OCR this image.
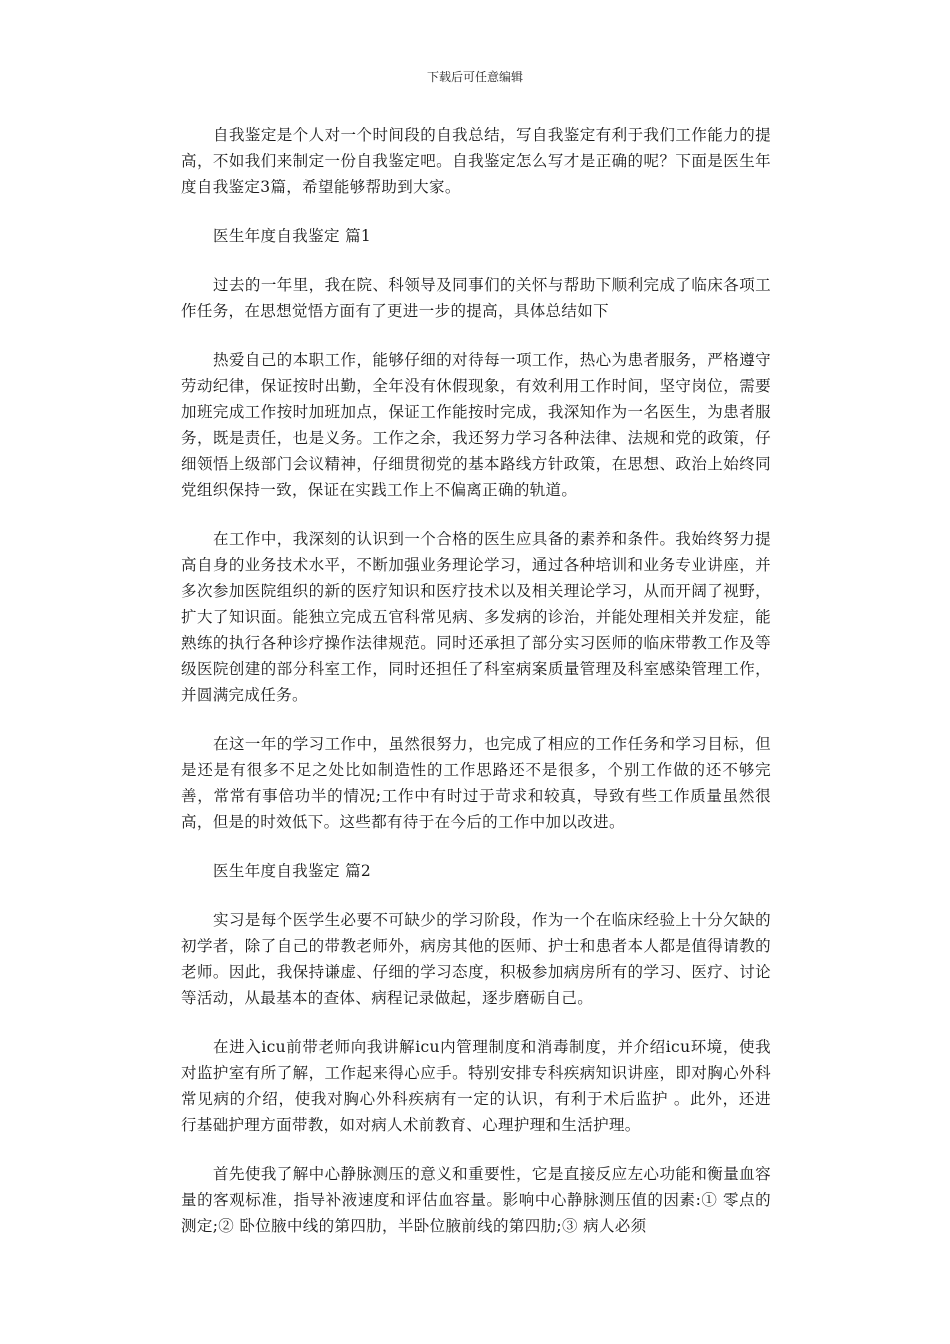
下载后可任意编辑

自我鉴定是个人对一个时间段的自我总结，写自我鉴定有利于我们工作能力的提高，不如我们来制定一份自我鉴定吧。自我鉴定怎么写才是正确的呢？下面是医生年度自我鉴定3篇，希望能够帮助到大家。

医生年度自我鉴定 篇1

过去的一年里，我在院、科领导及同事们的关怀与帮助下顺利完成了临床各项工作任务，在思想觉悟方面有了更进一步的提高，具体总结如下

热爱自己的本职工作，能够仔细的对待每一项工作，热心为患者服务，严格遵守劳动纪律，保证按时出勤，全年没有休假现象，有效利用工作时间，坚守岗位，需要加班完成工作按时加班加点，保证工作能按时完成，我深知作为一名医生，为患者服务，既是责任，也是义务。工作之余，我还努力学习各种法律、法规和党的政策，仔细领悟上级部门会议精神，仔细贯彻党的基本路线方针政策，在思想、政治上始终同党组织保持一致，保证在实践工作上不偏离正确的轨道。

在工作中，我深刻的认识到一个合格的医生应具备的素养和条件。我始终努力提高自身的业务技术水平，不断加强业务理论学习，通过各种培训和业务专业讲座，并多次参加医院组织的新的医疗知识和医疗技术以及相关理论学习，从而开阔了视野，扩大了知识面。能独立完成五官科常见病、多发病的诊治，并能处理相关并发症，能熟练的执行各种诊疗操作法律规范。同时还承担了部分实习医师的临床带教工作及等级医院创建的部分科室工作，同时还担任了科室病案质量管理及科室感染管理工作，并圆满完成任务。

在这一年的学习工作中，虽然很努力，也完成了相应的工作任务和学习目标，但是还是有很多不足之处比如制造性的工作思路还不是很多，个别工作做的还不够完善，常常有事倍功半的情况;工作中有时过于苛求和较真，导致有些工作质量虽然很高，但是的时效低下。这些都有待于在今后的工作中加以改进。

医生年度自我鉴定 篇2

实习是每个医学生必要不可缺少的学习阶段，作为一个在临床经验上十分欠缺的初学者，除了自己的带教老师外，病房其他的医师、护士和患者本人都是值得请教的老师。因此，我保持谦虚、仔细的学习态度，积极参加病房所有的学习、医疗、讨论等活动，从最基本的查体、病程记录做起，逐步磨砺自己。

在进入icu前带老师向我讲解icu内管理制度和消毒制度，并介绍icu环境，使我对监护室有所了解，工作起来得心应手。特别安排专科疾病知识讲座，即对胸心外科常见病的介绍，使我对胸心外科疾病有一定的认识，有利于术后监护 。此外，还进行基础护理方面带教，如对病人术前教育、心理护理和生活护理。

首先使我了解中心静脉测压的意义和重要性，它是直接反应左心功能和衡量血容量的客观标准，指导补液速度和评估血容量。影响中心静脉测压值的因素:① 零点的测定;② 卧位腋中线的第四肋，半卧位腋前线的第四肋;③ 病人必须
